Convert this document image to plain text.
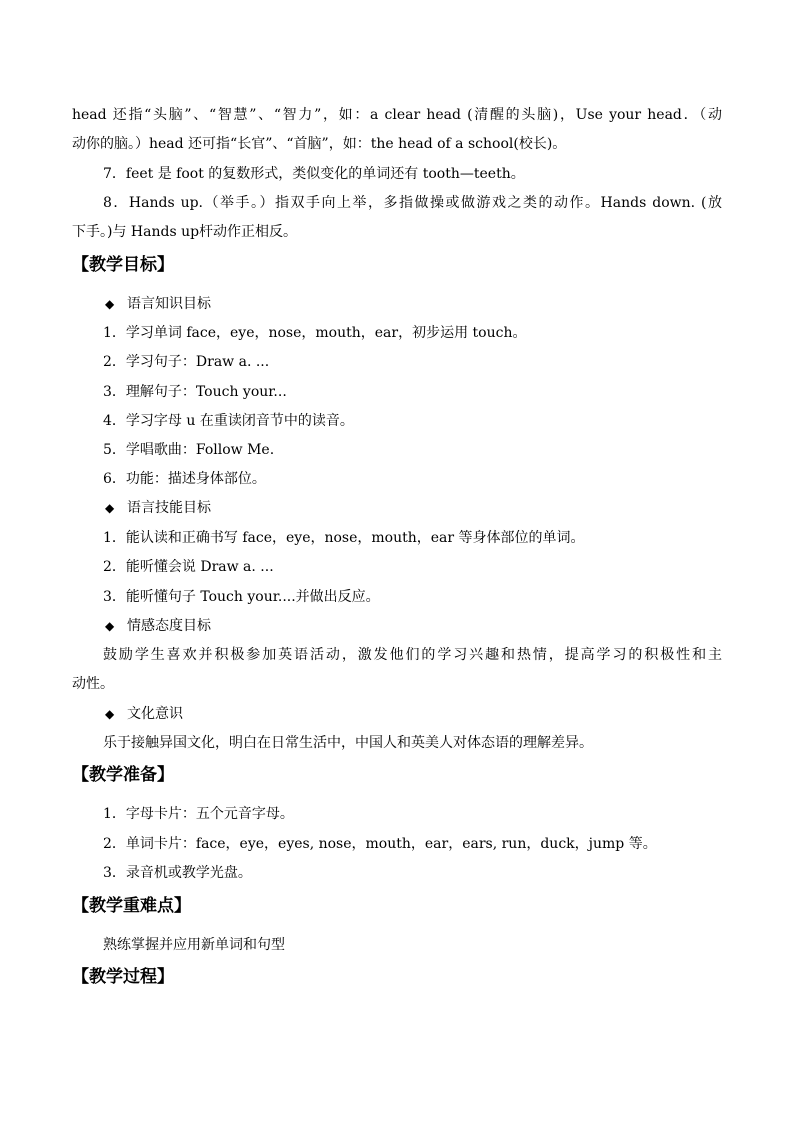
head 还指“头脑”、“智慧”、“智力”，如：a clear head (清醒的头脑)，Use your head．（动
动你的脑。）head 还可指“长官”、“首脑”，如：the head of a school(校长)。
7．feet 是 foot 的复数形式，类似变化的单词还有 tooth—teeth。
8．Hands up.（举手。）指双手向上举，多指做操或做游戏之类的动作。Hands down. (放
下手。)与 Hands up杆动作正相反。
【教学目标】
◆ 语言知识目标
1．学习单词 face，eye，nose，mouth，ear，初步运用 touch。
2．学习句子：Draw a. ...
3．理解句子：Touch your...
4．学习字母 u 在重读闭音节中的读音。
5．学唱歌曲：Follow Me.
6．功能：描述身体部位。
◆ 语言技能目标
1．能认读和正确书写 face，eye，nose，mouth，ear 等身体部位的单词。
2．能听懂会说 Draw a. ...
3．能听懂句子 Touch your....并做出反应。
◆ 情感态度目标
鼓励学生喜欢并积极参加英语活动，激发他们的学习兴趣和热情，提高学习的积极性和主
动性。
◆ 文化意识
乐于接触异国文化，明白在日常生活中，中国人和英美人对体态语的理解差异。
【教学准备】
1．字母卡片：五个元音字母。
2．单词卡片：face，eye，eyes, nose，mouth，ear，ears, run，duck，jump 等。
3．录音机或教学光盘。
【教学重难点】
熟练掌握并应用新单词和句型
【教学过程】
